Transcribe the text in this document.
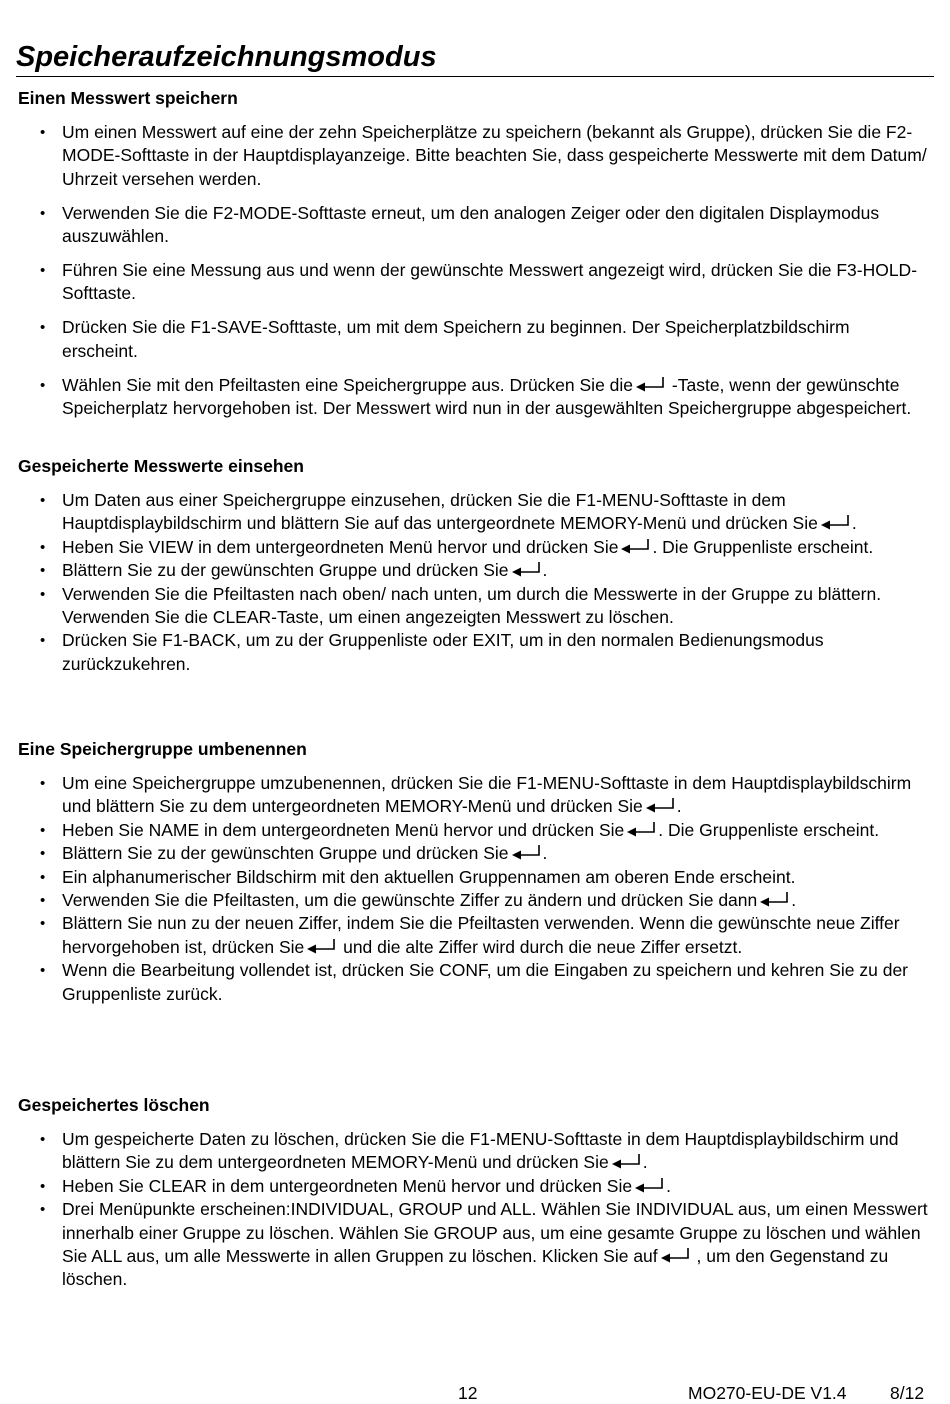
Speicheraufzeichnungsmodus
Einen Messwert speichern
• Um einen Messwert auf eine der zehn Speicherplätze zu speichern (bekannt als Gruppe), drücken Sie die F2-MODE-Softtaste in der Hauptdisplayanzeige. Bitte beachten Sie, dass gespeicherte Messwerte mit dem Datum/ Uhrzeit versehen werden.
• Verwenden Sie die F2-MODE-Softtaste erneut, um den analogen Zeiger oder den digitalen Displaymodus auszuwählen.
• Führen Sie eine Messung aus und wenn der gewünschte Messwert angezeigt wird, drücken Sie die F3-HOLD-Softtaste.
• Drücken Sie die F1-SAVE-Softtaste, um mit dem Speichern zu beginnen. Der Speicherplatzbildschirm erscheint.
• Wählen Sie mit den Pfeiltasten eine Speichergruppe aus. Drücken Sie die
-Taste, wenn der gewünschte Speicherplatz hervorgehoben ist. Der Messwert wird nun in der ausgewählten Speichergruppe abgespeichert.
Gespeicherte Messwerte einsehen
• Um Daten aus einer Speichergruppe einzusehen, drücken Sie die F1-MENU-Softtaste in dem Hauptdisplaybildschirm und blättern Sie auf das untergeordnete MEMORY-Menü und drücken Sie .
• Heben Sie VIEW in dem untergeordneten Menü hervor und drücken Sie . Die Gruppenliste erscheint.
• Blättern Sie zu der gewünschten Gruppe und drücken Sie .
• Verwenden Sie die Pfeiltasten nach oben/ nach unten, um durch die Messwerte in der Gruppe zu blättern. Verwenden Sie die CLEAR-Taste, um einen angezeigten Messwert zu löschen.
• Drücken Sie F1-BACK, um zu der Gruppenliste oder EXIT, um in den normalen Bedienungsmodus zurückzukehren.
Eine Speichergruppe umbenennen
• Um eine Speichergruppe umzubenennen, drücken Sie die F1-MENU-Softtaste in dem Hauptdisplaybildschirm und blättern Sie zu dem untergeordneten MEMORY-Menü und drücken Sie .
• Heben Sie NAME in dem untergeordneten Menü hervor und drücken Sie . Die Gruppenliste erscheint.
• Blättern Sie zu der gewünschten Gruppe und drücken Sie .
• Ein alphanumerischer Bildschirm mit den aktuellen Gruppennamen am oberen Ende erscheint.
• Verwenden Sie die Pfeiltasten, um die gewünschte Ziffer zu ändern und drücken Sie dann .
• Blättern Sie nun zu der neuen Ziffer, indem Sie die Pfeiltasten verwenden. Wenn die gewünschte neue Ziffer hervorgehoben ist, drücken Sie
und die alte Ziffer wird durch die neue Ziffer ersetzt.
• Wenn die Bearbeitung vollendet ist, drücken Sie CONF, um die Eingaben zu speichern und kehren Sie zu der Gruppenliste zurück.
Gespeichertes löschen
• Um gespeicherte Daten zu löschen, drücken Sie die F1-MENU-Softtaste in dem Hauptdisplaybildschirm und blättern Sie zu dem untergeordneten MEMORY-Menü und drücken Sie .
• Heben Sie CLEAR in dem untergeordneten Menü hervor und drücken Sie .
• Drei Menüpunkte erscheinen:INDIVIDUAL, GROUP und ALL. Wählen Sie INDIVIDUAL aus, um einen Messwert innerhalb einer Gruppe zu löschen. Wählen Sie GROUP aus, um eine gesamte Gruppe zu löschen und wählen Sie ALL aus, um alle Messwerte in allen Gruppen zu löschen. Klicken Sie auf
, um den Gegenstand zu löschen.
12	MO270-EU-DE V1.4 8/12
